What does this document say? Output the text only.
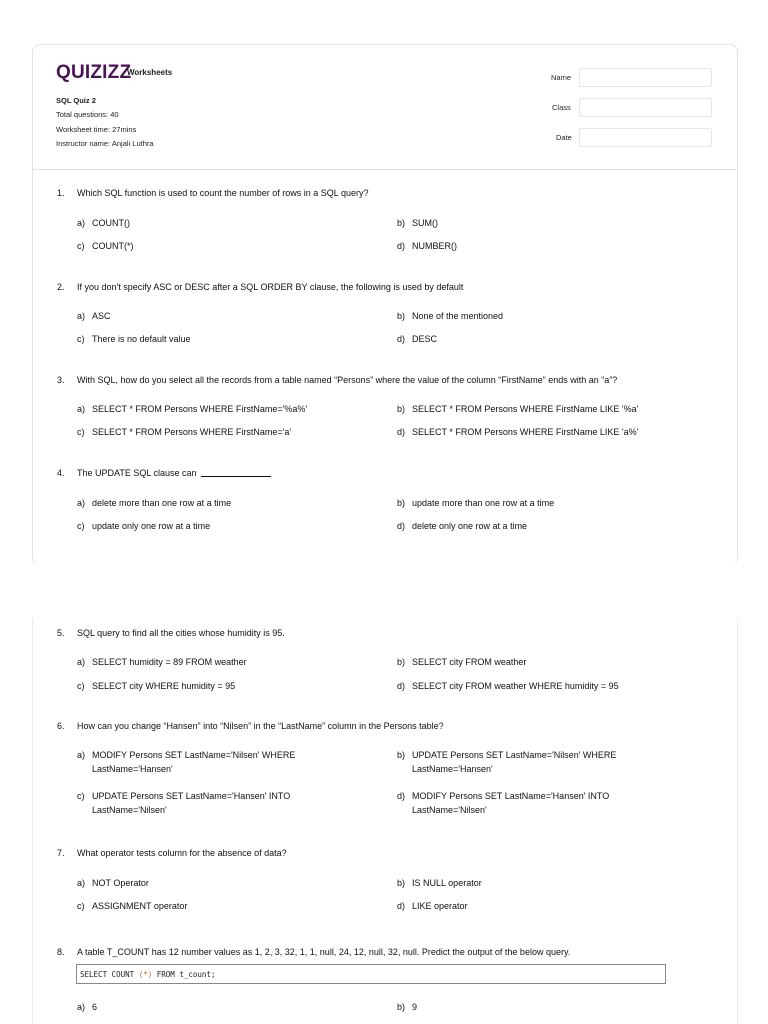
QUIZIZZ
Worksheets
SQL Quiz 2
Total questions: 40
Worksheet time: 27mins
Instructor name: Anjali Luthra
Name
Class
Date
1. Which SQL function is used to count the number of rows in a SQL query?
a) COUNT()	b) SUM()
c) COUNT(*)	d) NUMBER()
2. If you don't specify ASC or DESC after a SQL ORDER BY clause, the following is used by default
a) ASC	b) None of the mentioned
c) There is no default value	d) DESC
3. With SQL, how do you select all the records from a table named “Persons” where the value of the column “FirstName” ends with an “a”?
a) SELECT * FROM Persons WHERE FirstName='%a%'	b) SELECT * FROM Persons WHERE FirstName LIKE '%a'
c) SELECT * FROM Persons WHERE FirstName='a'	d) SELECT * FROM Persons WHERE FirstName LIKE 'a%'
4. The UPDATE SQL clause can
a) delete more than one row at a time	b) update more than one row at a time
c) update only one row at a time	d) delete only one row at a time
5. SQL query to find all the cities whose humidity is 95.
a) SELECT humidity = 89 FROM weather	b) SELECT city FROM weather
c) SELECT city WHERE humidity = 95	d) SELECT city FROM weather WHERE humidity = 95
6. How can you change “Hansen” into “Nilsen” in the “LastName” column in the Persons table?
a) MODIFY Persons SET LastName='Nilsen' WHERE
LastName='Hansen'
b) UPDATE Persons SET LastName='Nilsen' WHERE
LastName='Hansen'
c) UPDATE Persons SET LastName='Hansen' INTO
LastName='Nilsen'
d) MODIFY Persons SET LastName='Hansen' INTO
LastName='Nilsen'
7. What operator tests column for the absence of data?
a) NOT Operator	b) IS NULL operator
c) ASSIGNMENT operator	d) LIKE operator
8. A table T_COUNT has 12 number values as 1, 2, 3, 32, 1, 1, null, 24, 12, null, 32, null. Predict the output of the below query.
SELECT COUNT (*) FROM t_count;
a) 6	b) 9
